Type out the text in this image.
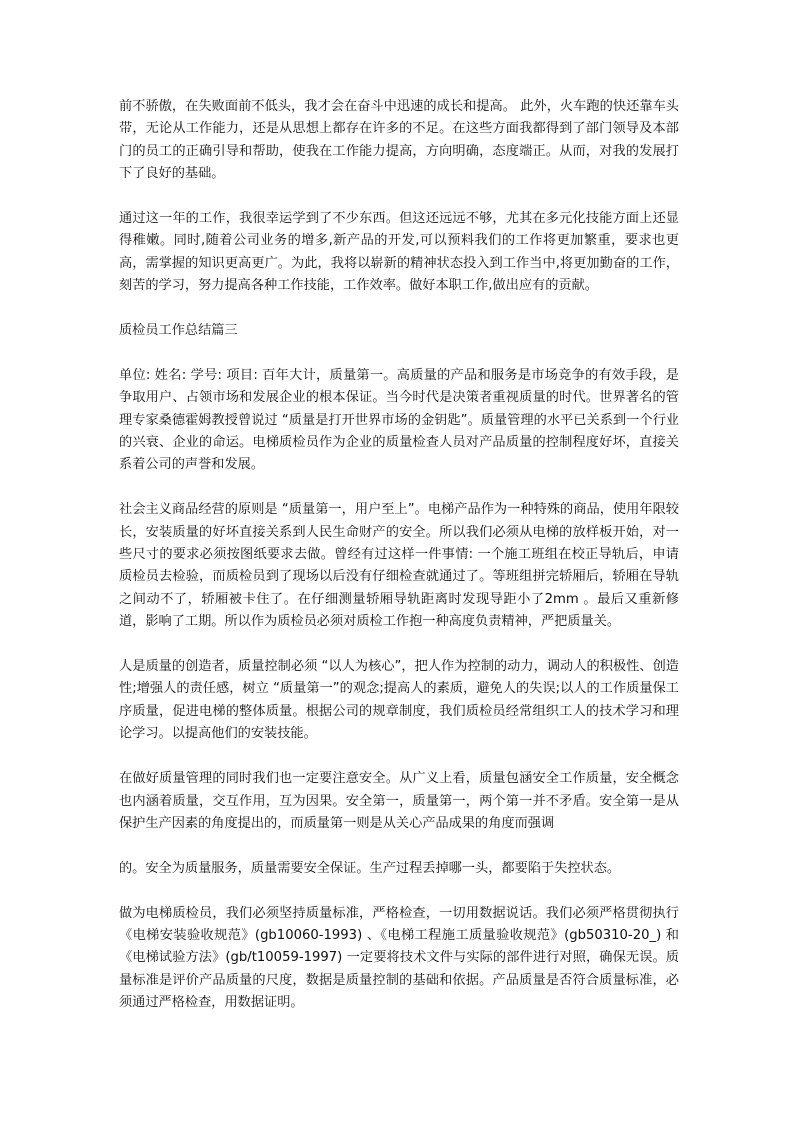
前不骄傲，在失败面前不低头，我才会在奋斗中迅速的成长和提高。 此外，火车跑的快还靠车头带，无论从工作能力，还是从思想上都存在许多的不足。在这些方面我都得到了部门领导及本部门的员工的正确引导和帮助，使我在工作能力提高，方向明确，态度端正。从而，对我的发展打下了良好的基础。

通过这一年的工作，我很幸运学到了不少东西。但这还远远不够，尤其在多元化技能方面上还显得稚嫩。同时,随着公司业务的增多,新产品的开发,可以预料我们的工作将更加繁重，要求也更高，需掌握的知识更高更广。为此，我将以崭新的精神状态投入到工作当中,将更加勤奋的工作，刻苦的学习，努力提高各种工作技能，工作效率。做好本职工作,做出应有的贡献。

质检员工作总结篇三

单位: 姓名: 学号: 项目: 百年大计，质量第一。高质量的产品和服务是市场竞争的有效手段，是争取用户、占领市场和发展企业的根本保证。当今时代是决策者重视质量的时代。世界著名的管理专家桑德霍姆教授曾说过 “质量是打开世界市场的金钥匙”。质量管理的水平已关系到一个行业的兴衰、企业的命运。电梯质检员作为企业的质量检查人员对产品质量的控制程度好坏，直接关系着公司的声誉和发展。

社会主义商品经营的原则是 “质量第一，用户至上”。电梯产品作为一种特殊的商品，使用年限较长，安装质量的好坏直接关系到人民生命财产的安全。所以我们必须从电梯的放样板开始，对一些尺寸的要求必须按图纸要求去做。曾经有过这样一件事情: 一个施工班组在校正导轨后，申请质检员去检验，而质检员到了现场以后没有仔细检查就通过了。等班组拼完轿厢后，轿厢在导轨之间动不了，轿厢被卡住了。在仔细测量轿厢导轨距离时发现导距小了2mm 。最后又重新修道，影响了工期。所以作为质检员必须对质检工作抱一种高度负责精神，严把质量关。

人是质量的创造者，质量控制必须 “以人为核心”，把人作为控制的动力，调动人的积极性、创造性;增强人的责任感，树立 “质量第一”的观念;提高人的素质，避免人的失误;以人的工作质量保工序质量，促进电梯的整体质量。根据公司的规章制度，我们质检员经常组织工人的技术学习和理论学习。以提高他们的安装技能。

在做好质量管理的同时我们也一定要注意安全。从广义上看，质量包涵安全工作质量，安全概念也内涵着质量，交互作用，互为因果。安全第一，质量第一，两个第一并不矛盾。安全第一是从保护生产因素的角度提出的，而质量第一则是从关心产品成果的角度而强调

的。安全为质量服务，质量需要安全保证。生产过程丢掉哪一头，都要陷于失控状态。

做为电梯质检员，我们必须坚持质量标准，严格检查，一切用数据说话。我们必须严格贯彻执行《电梯安装验收规范》(gb10060-1993) 、《电梯工程施工质量验收规范》(gb50310-20_) 和《电梯试验方法》(gb/t10059-1997) 一定要将技术文件与实际的部件进行对照，确保无误。质量标准是评价产品质量的尺度，数据是质量控制的基础和依据。产品质量是否符合质量标准，必须通过严格检查，用数据证明。
